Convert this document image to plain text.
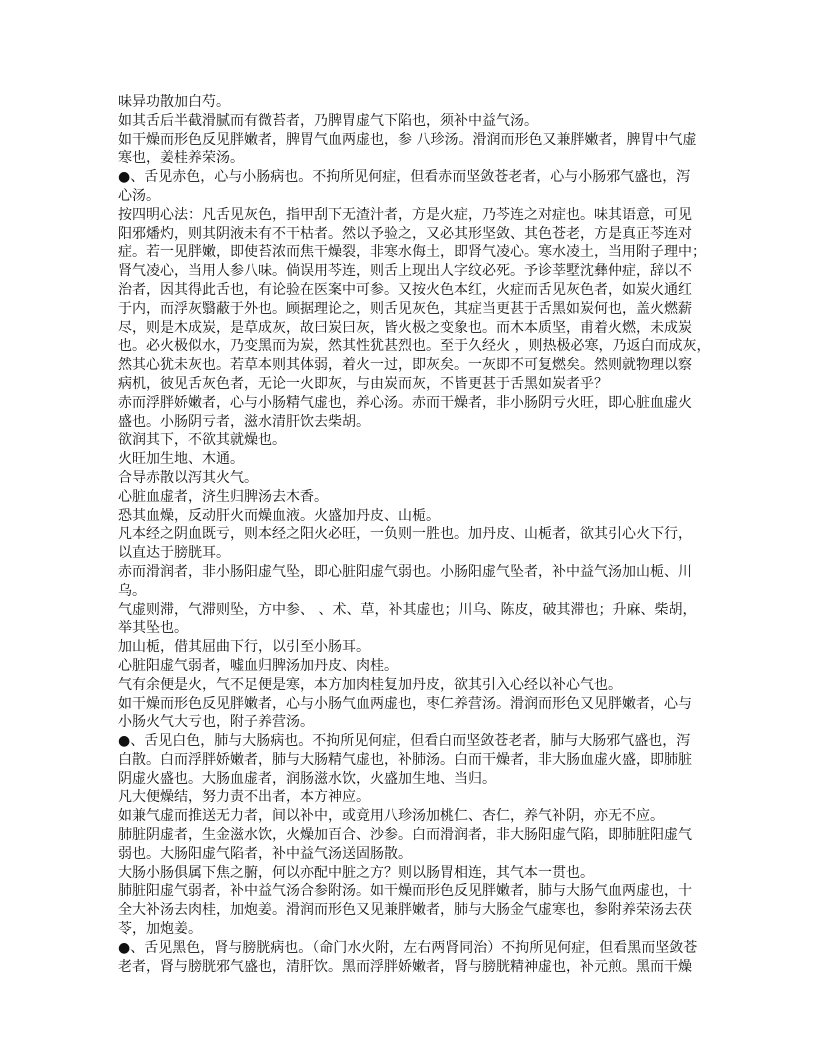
味异功散加白芍。
如其舌后半截滑腻而有微苔者，乃脾胃虚气下陷也，须补中益气汤。
如干燥而形色反见胖嫩者，脾胃气血两虚也，参 八珍汤。滑润而形色又兼胖嫩者，脾胃中气虚
寒也，姜桂养荣汤。
●、舌见赤色，心与小肠病也。不拘所见何症，但看赤而坚敛苍老者，心与小肠邪气盛也，泻
心汤。
按四明心法：凡舌见灰色，指甲刮下无渣汁者，方是火症，乃芩连之对症也。味其语意，可见
阳邪燔灼，则其阴液未有不干枯者。然以予验之，又必其形坚敛、其色苍老，方是真正芩连对
症。若一见胖嫩，即使苔浓而焦干燥裂，非寒水侮土，即肾气凌心。寒水凌土，当用附子理中；
肾气凌心，当用人参八味。倘误用芩连，则舌上现出人字纹必死。予诊莘墅沈彝仲症，辞以不
治者，因其得此舌也，有论验在医案中可参。又按火色本红，火症而舌见灰色者，如炭火通红
于内，而浮灰翳蔽于外也。顾据理论之，则舌见灰色，其症当更甚于舌黑如炭何也，盖火燃薪
尽，则是木成炭，是草成灰，故曰炭曰灰，皆火极之变象也。而木本质坚，甫着火燃，未成炭
也。必火极似水，乃变黑而为炭，然其性犹甚烈也。至于久经火 ，则热极必寒，乃返白而成灰，
然其心犹未灰也。若草本则其体弱，着火一过，即灰矣。一灰即不可复燃矣。然则就物理以察
病机，彼见舌灰色者，无论一火即灰，与由炭而灰，不皆更甚于舌黑如炭者乎？
赤而浮胖娇嫩者，心与小肠精气虚也，养心汤。赤而干燥者，非小肠阴亏火旺，即心脏血虚火
盛也。小肠阴亏者，滋水清肝饮去柴胡。
欲润其下，不欲其就燥也。
火旺加生地、木通。
合导赤散以泻其火气。
心脏血虚者，济生归脾汤去木香。
恐其血燥，反动肝火而燥血液。火盛加丹皮、山栀。
凡本经之阴血既亏，则本经之阳火必旺，一负则一胜也。加丹皮、山栀者，欲其引心火下行，
以直达于膀胱耳。
赤而滑润者，非小肠阳虚气坠，即心脏阳虚气弱也。小肠阳虚气坠者，补中益气汤加山栀、川
乌。
气虚则滞，气滞则坠，方中参、 、术、草，补其虚也；川乌、陈皮，破其滞也；升麻、柴胡，
举其坠也。
加山栀，借其屈曲下行，以引至小肠耳。
心脏阳虚气弱者，嘘血归脾汤加丹皮、肉桂。
气有余便是火，气不足便是寒，本方加肉桂复加丹皮，欲其引入心经以补心气也。
如干燥而形色反见胖嫩者，心与小肠气血两虚也，枣仁养营汤。滑润而形色又见胖嫩者，心与
小肠火气大亏也，附子养营汤。
●、舌见白色，肺与大肠病也。不拘所见何症，但看白而坚敛苍老者，肺与大肠邪气盛也，泻
白散。白而浮胖娇嫩者，肺与大肠精气虚也，补肺汤。白而干燥者，非大肠血虚火盛，即肺脏
阴虚火盛也。大肠血虚者，润肠滋水饮，火盛加生地、当归。
凡大便燥结，努力责不出者，本方神应。
如兼气虚而推送无力者，间以补中，或竟用八珍汤加桃仁、杏仁，养气补阴，亦无不应。
肺脏阴虚者，生金滋水饮，火燥加百合、沙参。白而滑润者，非大肠阳虚气陷，即肺脏阳虚气
弱也。大肠阳虚气陷者，补中益气汤送固肠散。
大肠小肠俱属下焦之腑，何以亦配中脏之方？则以肠胃相连，其气本一贯也。
肺脏阳虚气弱者，补中益气汤合参附汤。如干燥而形色反见胖嫩者，肺与大肠气血两虚也，十
全大补汤去肉桂，加炮姜。滑润而形色又见兼胖嫩者，肺与大肠金气虚寒也，参附养荣汤去茯
苓，加炮姜。
●、舌见黑色，肾与膀胱病也。（命门水火附，左右两肾同治）不拘所见何症，但看黑而坚敛苍
老者，肾与膀胱邪气盛也，清肝饮。黑而浮胖娇嫩者，肾与膀胱精神虚也，补元煎。黑而干燥
